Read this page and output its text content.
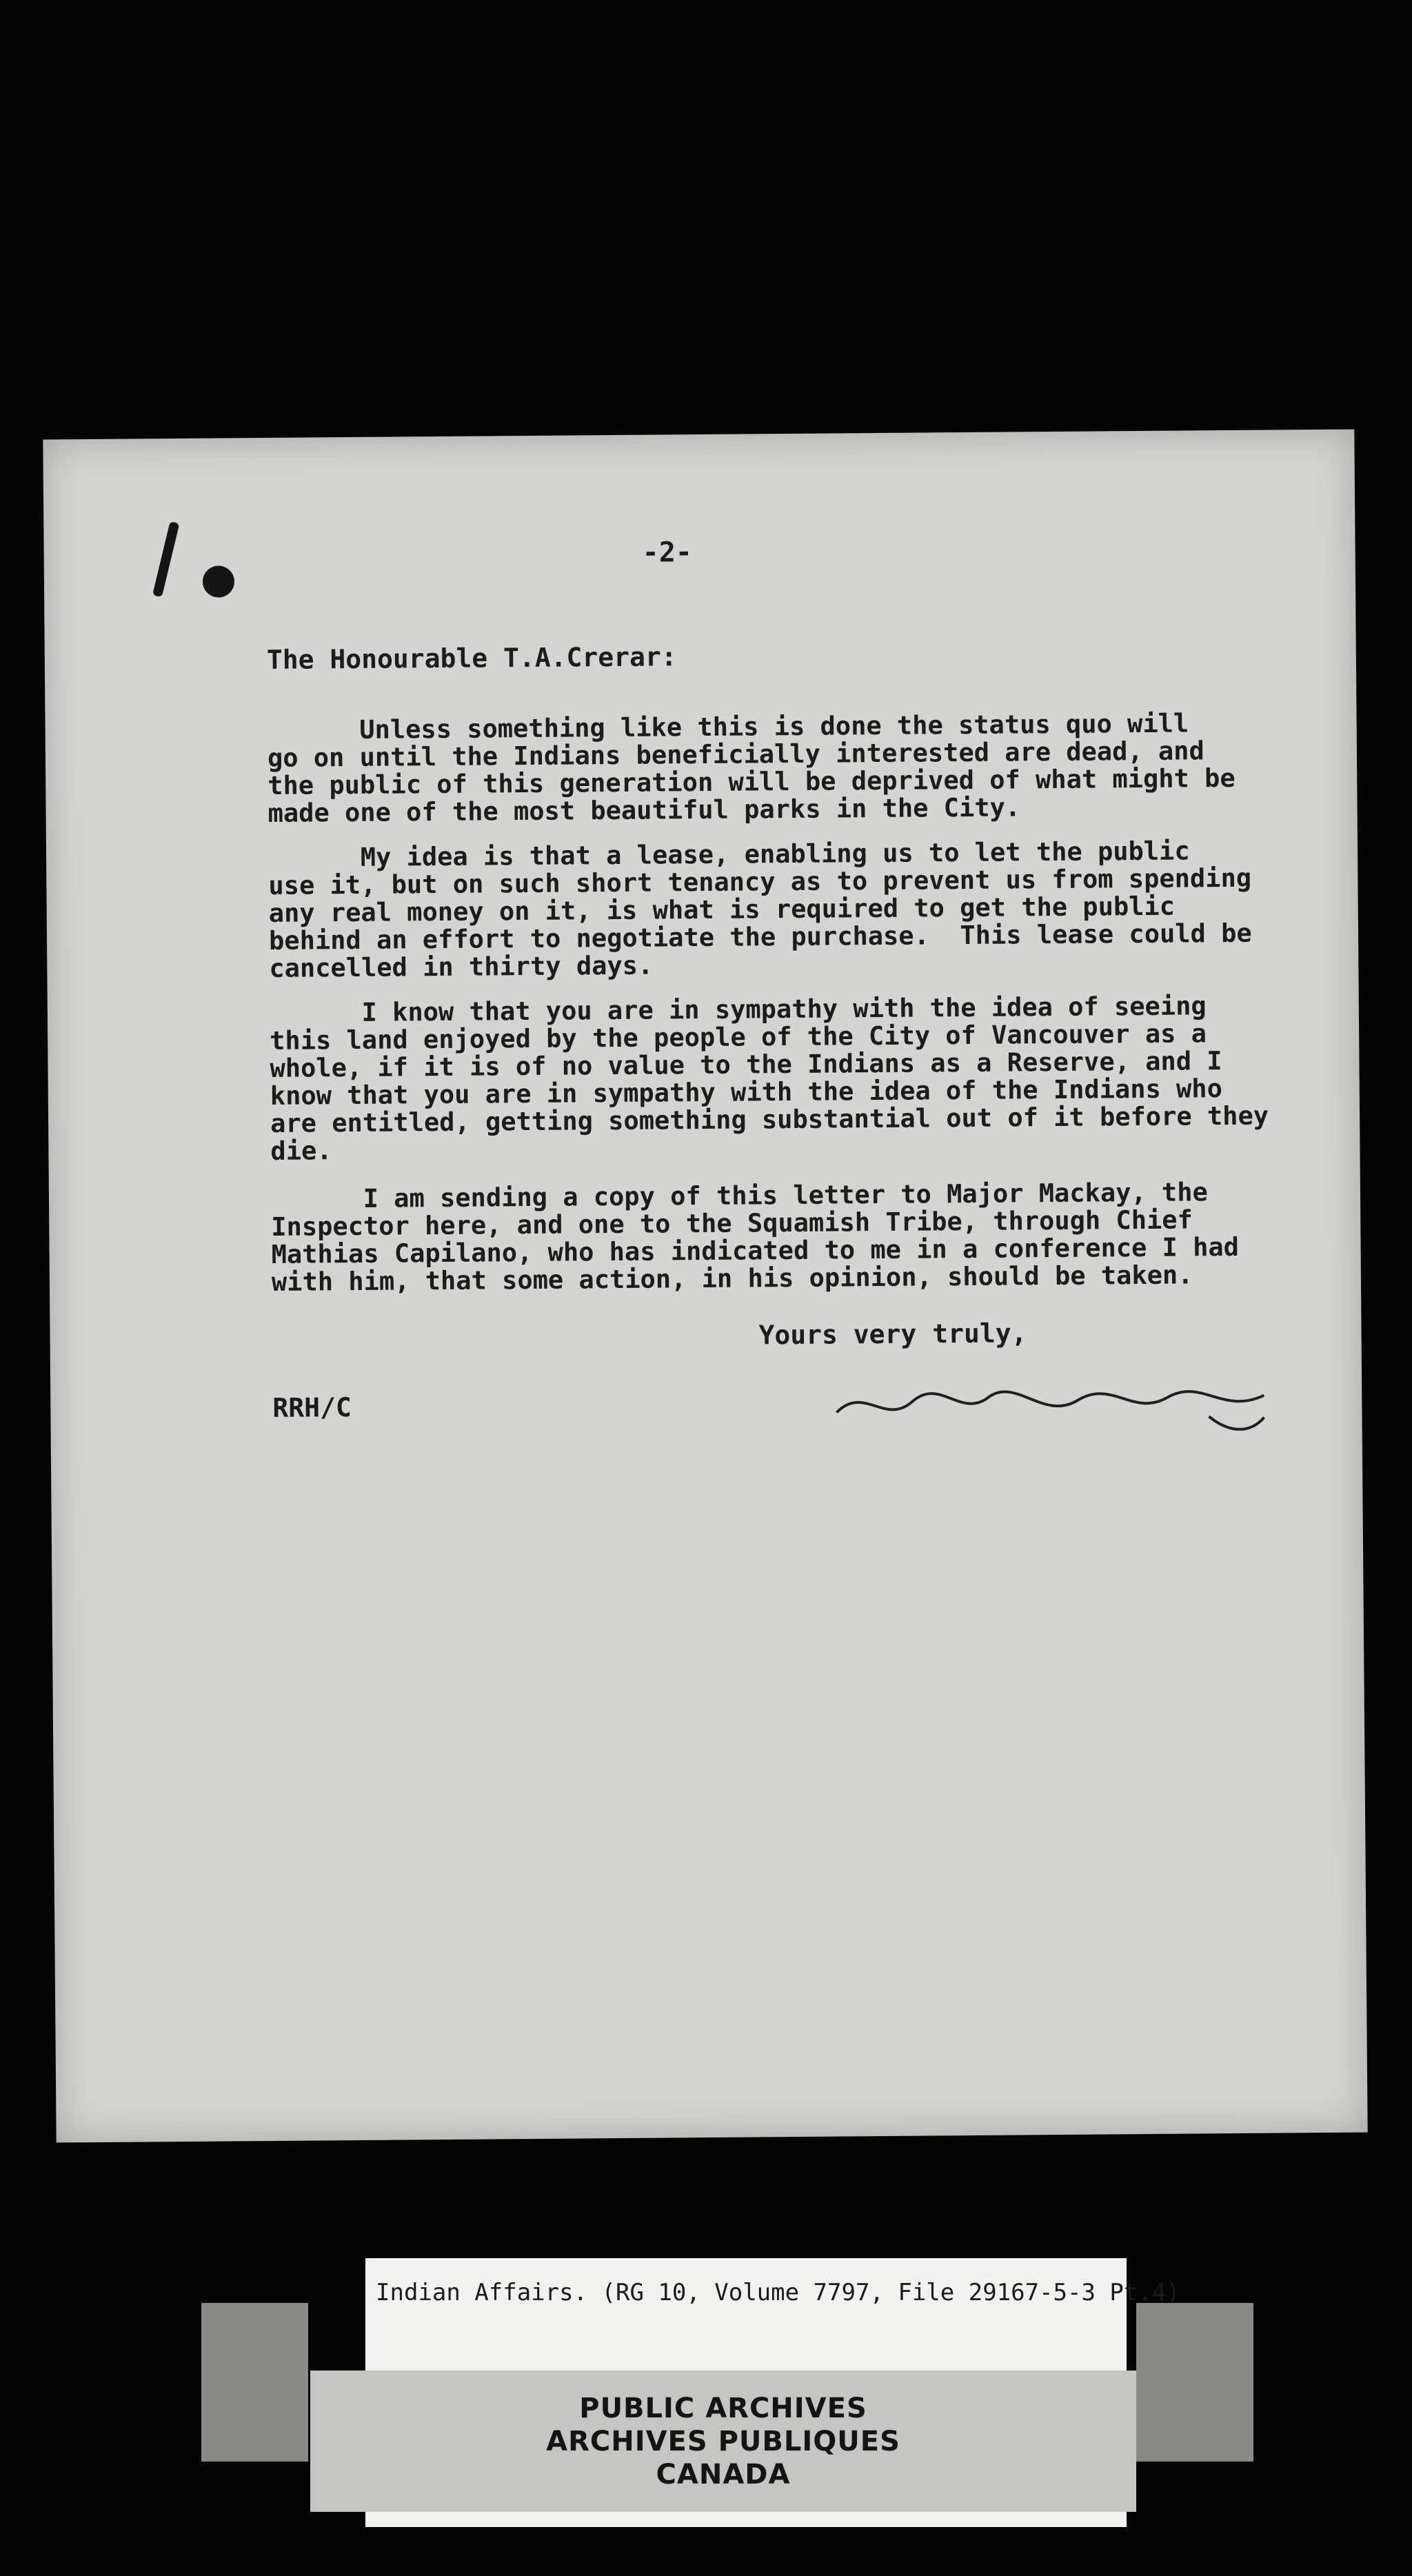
-2-
The Honourable T.A.Crerar:
Unless something like this is done the status quo will
go on until the Indians beneficially interested are dead, and
the public of this generation will be deprived of what might be
made one of the most beautiful parks in the City.
My idea is that a lease, enabling us to let the public
use it, but on such short tenancy as to prevent us from spending
any real money on it, is what is required to get the public
behind an effort to negotiate the purchase.  This lease could be
cancelled in thirty days.
I know that you are in sympathy with the idea of seeing
this land enjoyed by the people of the City of Vancouver as a
whole, if it is of no value to the Indians as a Reserve, and I
know that you are in sympathy with the idea of the Indians who
are entitled, getting something substantial out of it before they
die.
I am sending a copy of this letter to Major Mackay, the
Inspector here, and one to the Squamish Tribe, through Chief
Mathias Capilano, who has indicated to me in a conference I had
with him, that some action, in his opinion, should be taken.
Yours very truly,
RRH/C
Indian Affairs. (RG 10, Volume 7797, File 29167-5-3 Pt.4)
PUBLIC ARCHIVES
ARCHIVES PUBLIQUES
CANADA
